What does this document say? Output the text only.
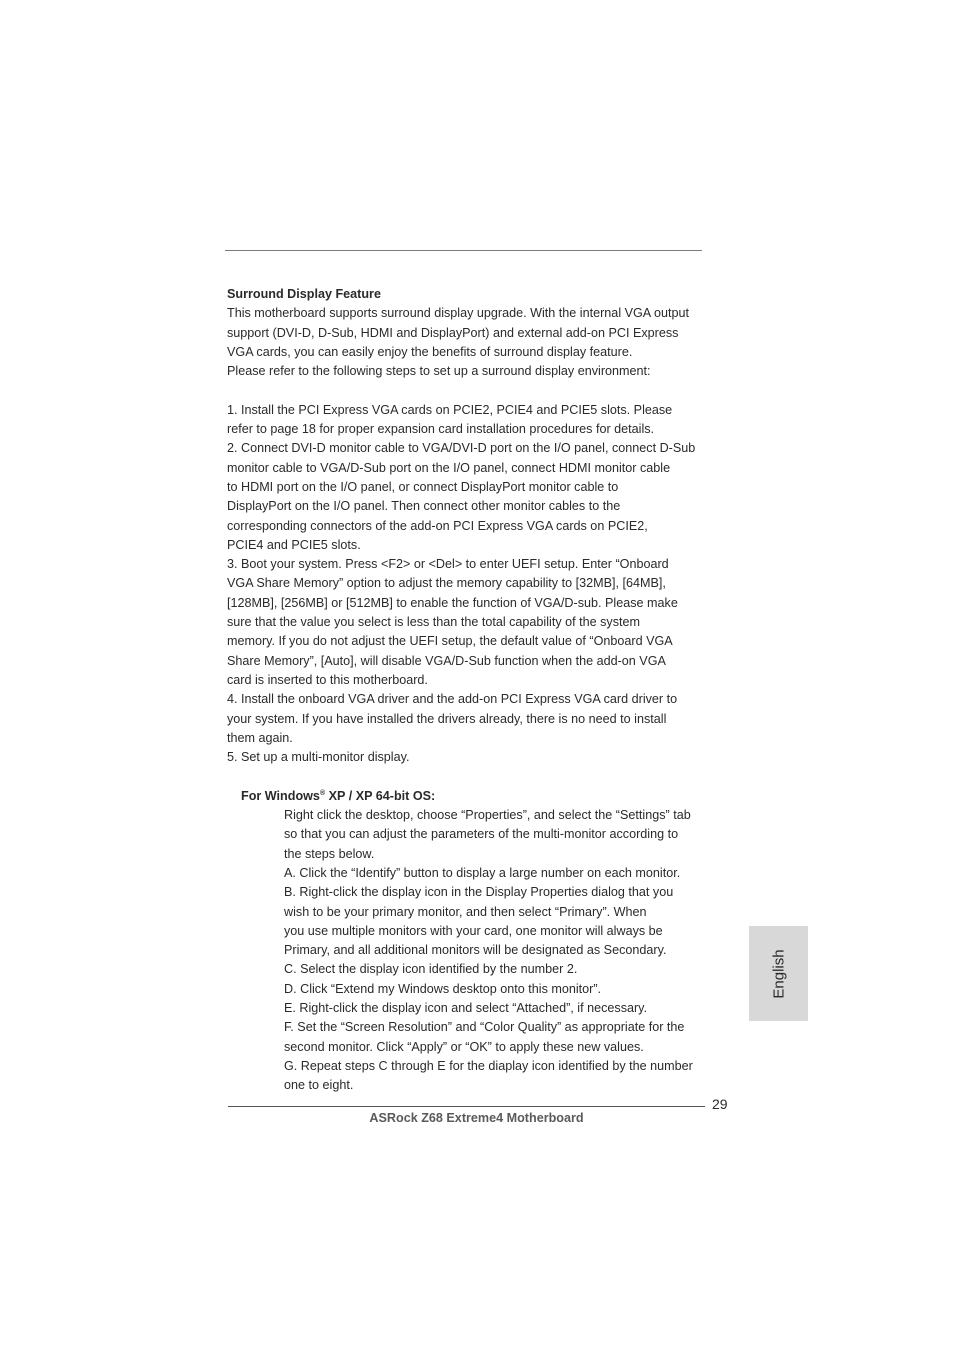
Surround Display Feature

This motherboard supports surround display upgrade. With the internal VGA output

support (DVI-D, D-Sub, HDMI and DisplayPort) and external add-on PCI Express

VGA cards, you can easily enjoy the benefits of surround display feature.

Please refer to the following steps to set up a surround display environment:

1. Install the PCI Express VGA cards on PCIE2, PCIE4 and PCIE5 slots. Please

refer to page 18 for proper expansion card installation procedures for details.

2. Connect DVI-D monitor cable to VGA/DVI-D port on the I/O panel, connect D-Sub

monitor cable to VGA/D-Sub port on the I/O panel, connect HDMI monitor cable

to HDMI port on the I/O panel, or connect DisplayPort monitor cable to

DisplayPort on the I/O panel. Then connect other monitor cables to the

corresponding connectors of the add-on PCI Express VGA cards on PCIE2,

PCIE4 and PCIE5 slots.

3. Boot your system. Press <F2> or <Del> to enter UEFI setup. Enter “Onboard

VGA Share Memory” option to adjust the memory capability to [32MB], [64MB],

[128MB], [256MB] or [512MB] to enable the function of VGA/D-sub. Please make

sure that the value you select is less than the total capability of the system

memory. If you do not adjust the UEFI setup, the default value of “Onboard VGA

Share Memory”, [Auto], will disable VGA/D-Sub function when the add-on VGA

card is inserted to this motherboard.

4. Install the onboard VGA driver and the add-on PCI Express VGA card driver to

your system. If you have installed the drivers already, there is no need to install

them again.

5. Set up a multi-monitor display.

For Windows® XP / XP 64-bit OS:

Right click the desktop, choose “Properties”, and select the “Settings” tab

so that you can adjust the parameters of the multi-monitor according to

the steps below.

A. Click the “Identify” button to display a large number on each monitor.

B. Right-click the display icon in the Display Properties dialog that you

wish to be your primary monitor, and then select “Primary”. When

you use multiple monitors with your card, one monitor will always be

Primary, and all additional monitors will be designated as Secondary.

C. Select the display icon identified by the number 2.

D. Click “Extend my Windows desktop onto this monitor”.

E. Right-click the display icon and select “Attached”, if necessary.

F. Set the “Screen Resolution” and “Color Quality” as appropriate for the

second monitor. Click “Apply” or “OK” to apply these new values.

G. Repeat steps C through E for the diaplay icon identified by the number

one to eight.

English
29
ASRock Z68 Extreme4 Motherboard
